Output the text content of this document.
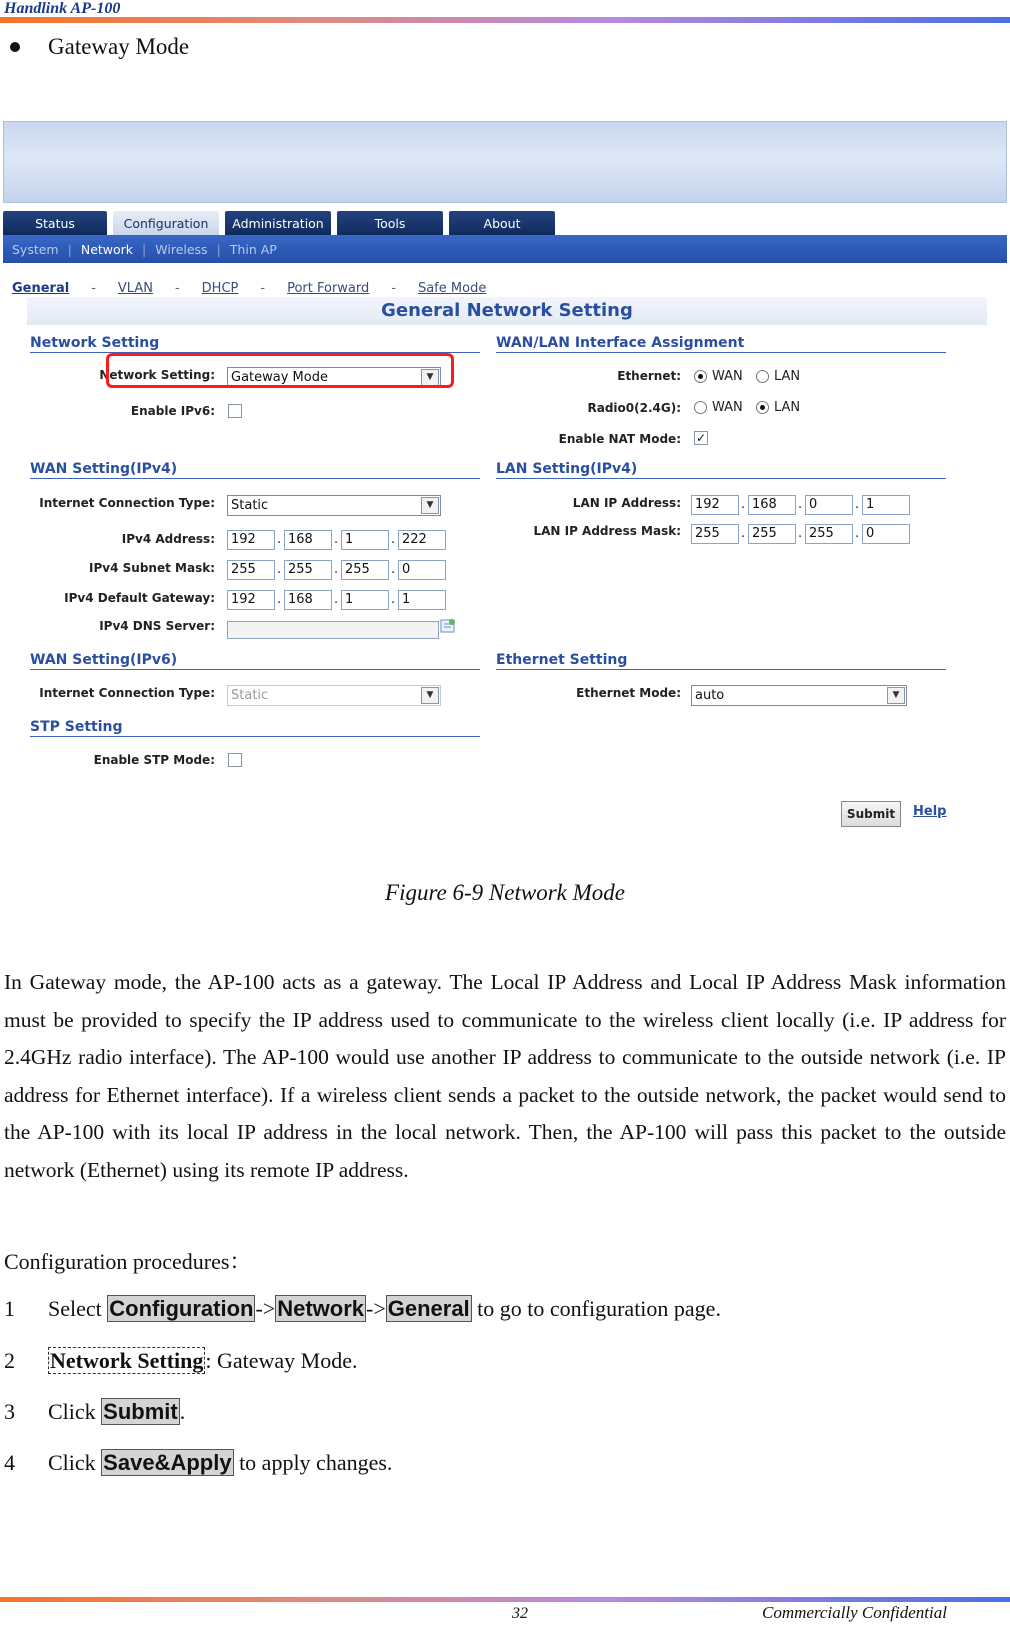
Handlink AP-100
Gateway Mode
Status	Configuration	Administration	Tools	About
System | Network | Wireless | Thin AP
General - VLAN - DHCP - Port Forward - Safe Mode
General Network Setting
Network Setting
Network Setting:	Gateway Mode	▼
Enable IPv6:
WAN/LAN Interface Assignment
Ethernet: WAN LAN
Radio0(2.4G): WAN LAN
Enable NAT Mode: ✓
WAN Setting(IPv4)
Internet Connection Type:	Static	▼
IPv4 Address:	192	. 168	. 1	. 222
IPv4 Subnet Mask:	255	. 255	. 255	. 0
IPv4 Default Gateway:	192	. 168	. 1	. 1
IPv4 DNS Server:
LAN Setting(IPv4)
LAN IP Address:	192	. 168	. 0	. 1
LAN IP Address Mask:	255	. 255	. 255	. 0
WAN Setting(IPv6)
Internet Connection Type:	Static	▼
Ethernet Setting
Ethernet Mode:	auto	▼
STP Setting
Enable STP Mode:
Submit	Help
Figure 6-9 Network Mode
In Gateway mode, the AP-100 acts as a gateway. The Local IP Address and Local IP Address Mask information must be provided to specify the IP address used to communicate to the wireless client locally (i.e. IP address for 2.4GHz radio interface). The AP-100 would use another IP address to communicate to the outside network (i.e. IP address for Ethernet interface). If a wireless client sends a packet to the outside network, the packet would send to the AP-100 with its local IP address in the local network. Then, the AP-100 will pass this packet to the outside network (Ethernet) using its remote IP address.
Configuration procedures：
1	Select Configuration->Network->General to go to configuration page.
2	Network Setting: Gateway Mode.
3	Click Submit.
4	Click Save&Apply to apply changes.
32	Commercially Confidential
